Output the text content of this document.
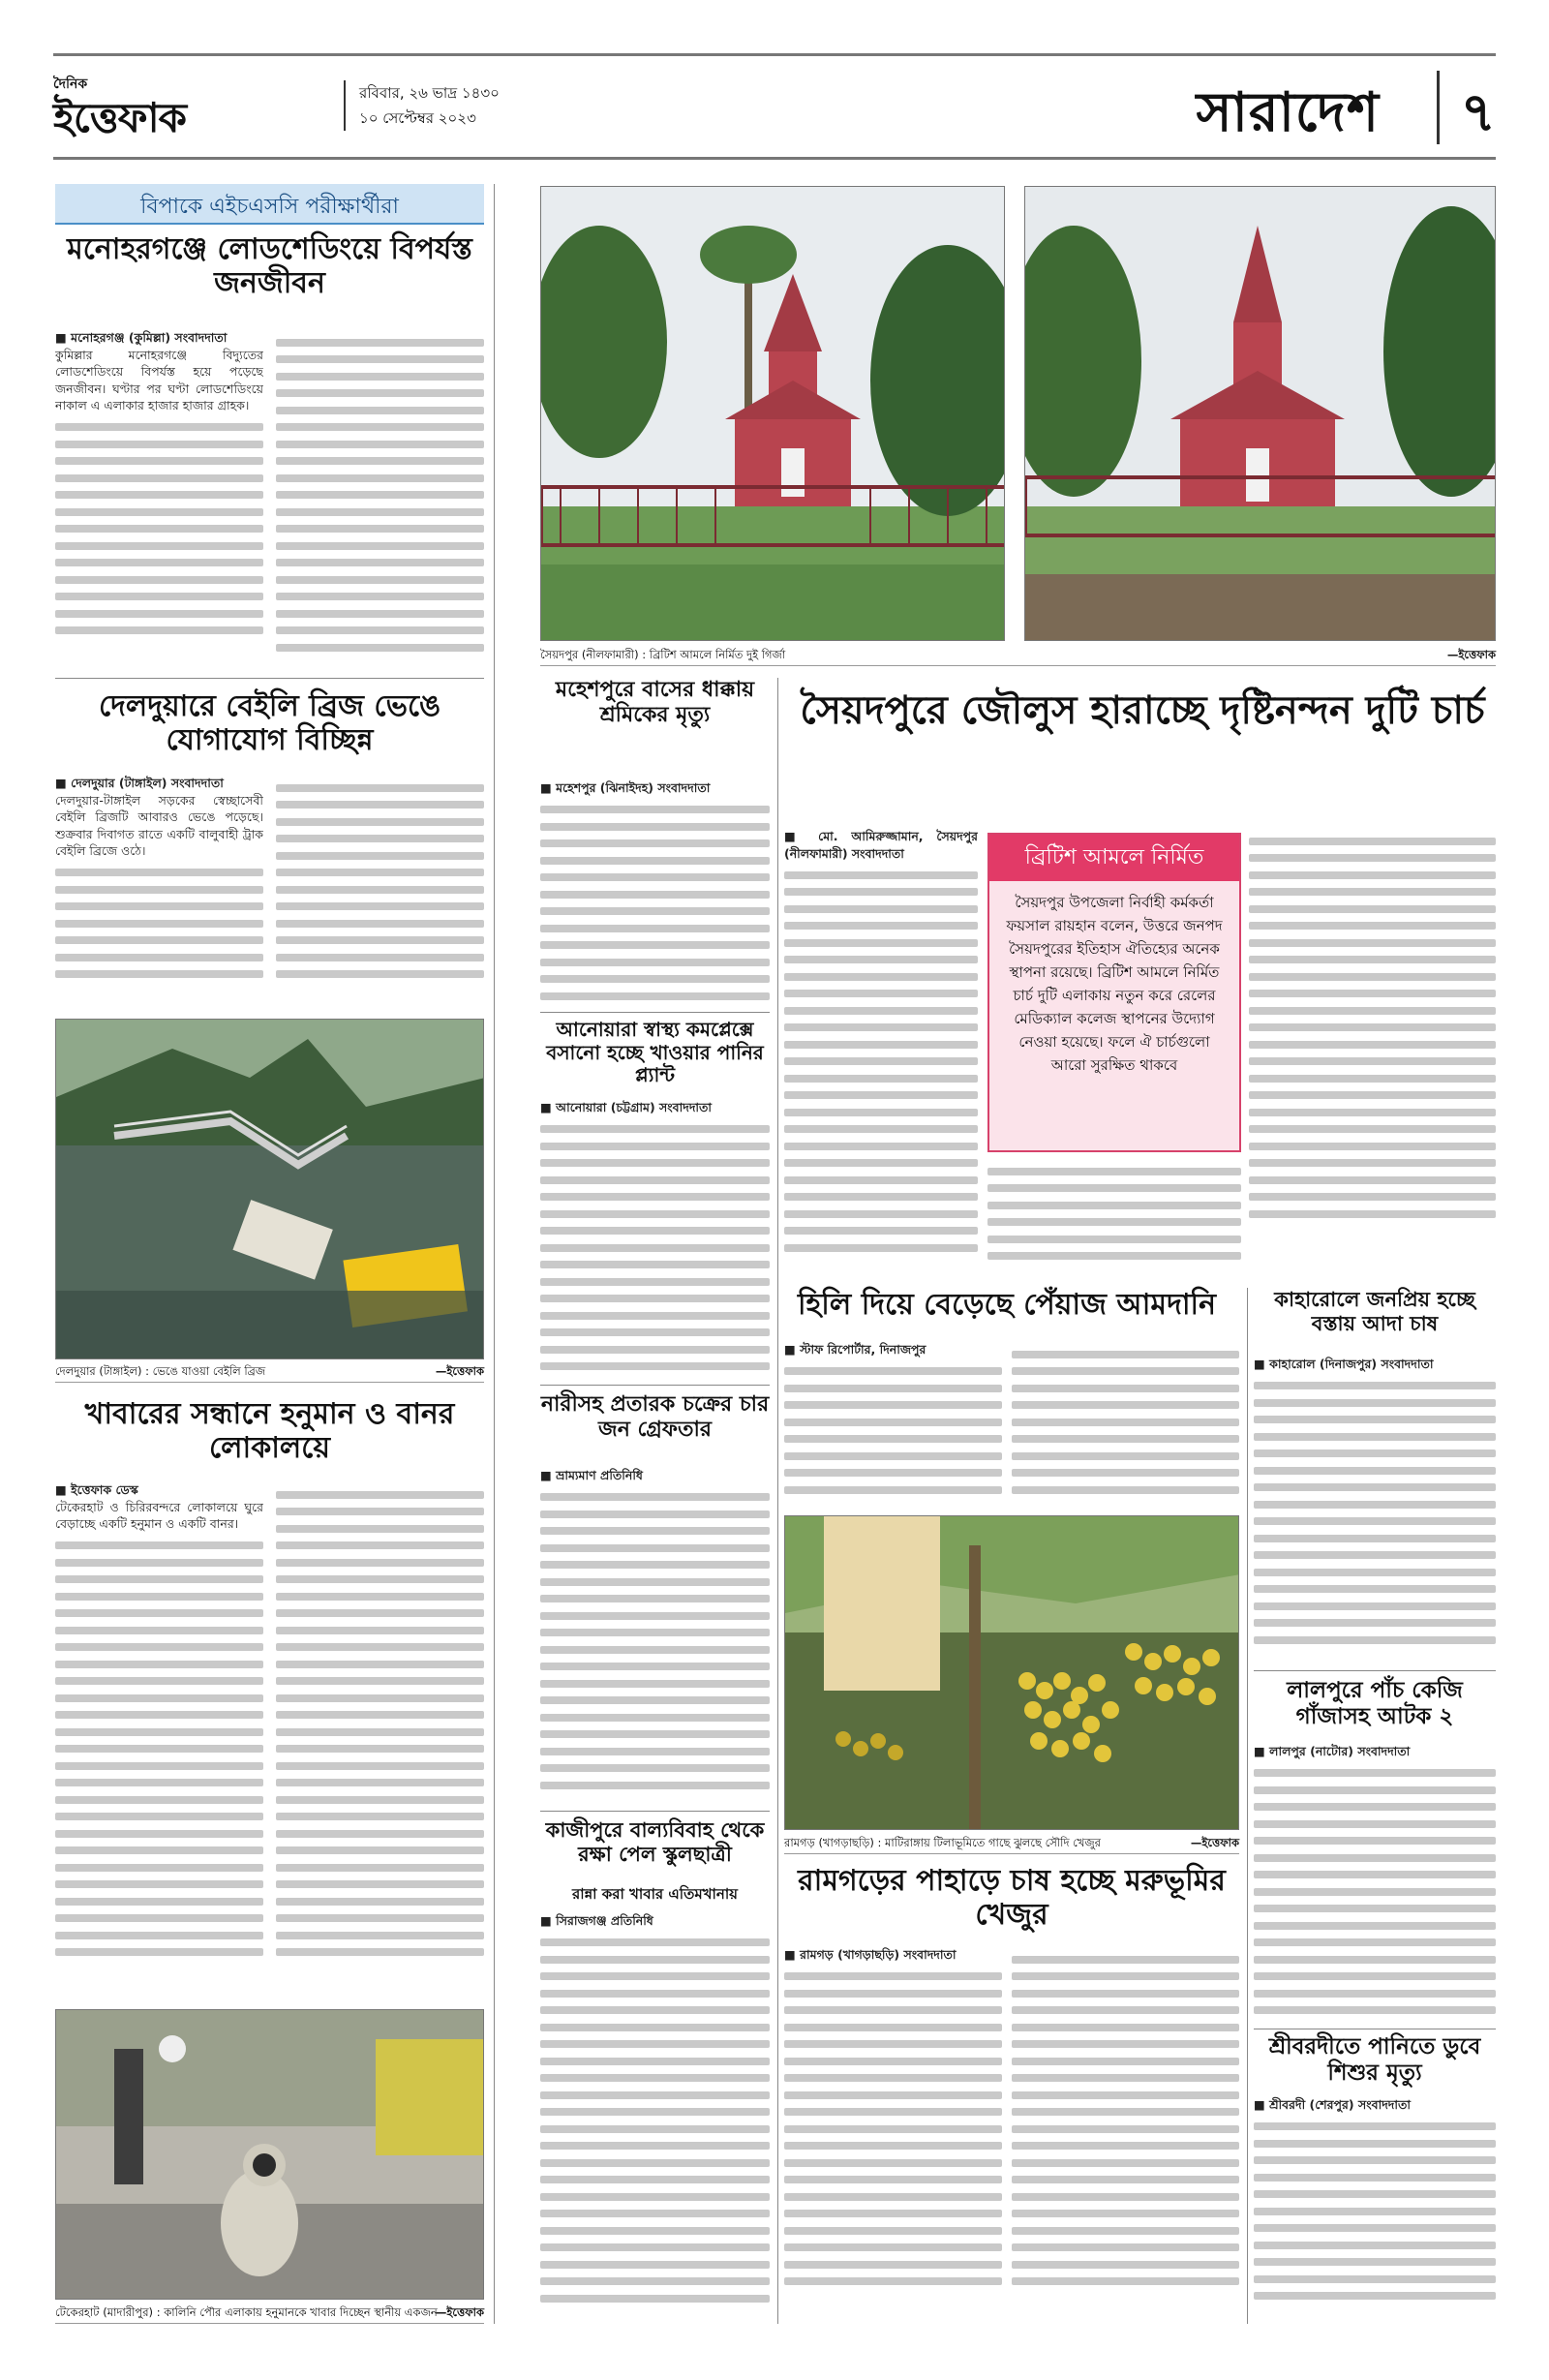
দৈনিক
ইত্তেফাক
রবিবার, ২৬ ভাদ্র ১৪৩০
১০ সেপ্টেম্বর ২০২৩	সারাদেশ	৭
বিপাকে এইচএসসি পরীক্ষার্থীরা
মনোহরগঞ্জে লোডশেডিংয়ে বিপর্যস্ত জনজীবন
■ মনোহরগঞ্জ (কুমিল্লা) সংবাদদাতা
কুমিল্লার মনোহরগঞ্জে বিদ্যুতের লোডশেডিংয়ে বিপর্যস্ত হয়ে পড়েছে জনজীবন। ঘণ্টার পর ঘণ্টা লোডশেডিংয়ে নাকাল এ এলাকার হাজার হাজার গ্রাহক।
দেলদুয়ারে বেইলি ব্রিজ ভেঙে যোগাযোগ বিচ্ছিন্ন
■ দেলদুয়ার (টাঙ্গাইল) সংবাদদাতা
দেলদুয়ার-টাঙ্গাইল সড়কের স্বেচ্ছাসেবী বেইলি ব্রিজটি আবারও ভেঙে পড়েছে। শুক্রবার দিবাগত রাতে একটি বালুবাহী ট্রাক বেইলি ব্রিজে ওঠে।
দেলদুয়ার (টাঙ্গাইল) : ভেঙে যাওয়া বেইলি ব্রিজ	—ইত্তেফাক
খাবারের সন্ধানে হনুমান ও বানর লোকালয়ে
■ ইত্তেফাক ডেস্ক
টেকেরহাট ও চিরিরবন্দরে লোকালয়ে ঘুরে বেড়াচ্ছে একটি হনুমান ও একটি বানর।
টেকেরহাট (মাদারীপুর) : কালিনি পৌর এলাকায় হনুমানকে খাবার দিচ্ছেন স্থানীয় একজন
—ইত্তেফাক
সৈয়দপুর (নীলফামারী) : ব্রিটিশ আমলে নির্মিত দুই গির্জা	—ইত্তেফাক
মহেশপুরে বাসের ধাক্কায় শ্রমিকের মৃত্যু
■ মহেশপুর (ঝিনাইদহ) সংবাদদাতা
আনোয়ারা স্বাস্থ্য কমপ্লেক্সে বসানো হচ্ছে খাওয়ার পানির প্ল্যান্ট
■ আনোয়ারা (চট্টগ্রাম) সংবাদদাতা
নারীসহ প্রতারক চক্রের চার জন গ্রেফতার
■ ভ্রাম্যমাণ প্রতিনিধি
কাজীপুরে বাল্যবিবাহ থেকে রক্ষা পেল স্কুলছাত্রী
রান্না করা খাবার এতিমখানায়
■ সিরাজগঞ্জ প্রতিনিধি
সৈয়দপুরে জৌলুস হারাচ্ছে দৃষ্টিনন্দন দুটি চার্চ
■ মো. আমিরুজ্জামান, সৈয়দপুর (নীলফামারী) সংবাদদাতা	ব্রিটিশ আমলে নির্মিত
সৈয়দপুর উপজেলা নির্বাহী কর্মকর্তা ফয়সাল রায়হান বলেন, উত্তরে জনপদ সৈয়দপুরের ইতিহাস ঐতিহ্যের অনেক স্থাপনা রয়েছে। ব্রিটিশ আমলে নির্মিত চার্চ দুটি এলাকায় নতুন করে রেলের মেডিক্যাল কলেজ স্থাপনের উদ্যোগ নেওয়া হয়েছে। ফলে ঐ চার্চগুলো আরো সুরক্ষিত থাকবে
হিলি দিয়ে বেড়েছে পেঁয়াজ আমদানি
■ স্টাফ রিপোর্টার, দিনাজপুর
কাহারোলে জনপ্রিয় হচ্ছে বস্তায় আদা চাষ
■ কাহারোল (দিনাজপুর) সংবাদদাতা
রামগড় (খাগড়াছড়ি) : মাটিরাঙ্গায় টিলাভূমিতে গাছে ঝুলছে সৌদি খেজুর	—ইত্তেফাক
লালপুরে পাঁচ কেজি গাঁজাসহ আটক ২
■ লালপুর (নাটোর) সংবাদদাতা
রামগড়ের পাহাড়ে চাষ হচ্ছে মরুভূমির খেজুর
■ রামগড় (খাগড়াছড়ি) সংবাদদাতা
শ্রীবরদীতে পানিতে ডুবে শিশুর মৃত্যু
■ শ্রীবরদী (শেরপুর) সংবাদদাতা
